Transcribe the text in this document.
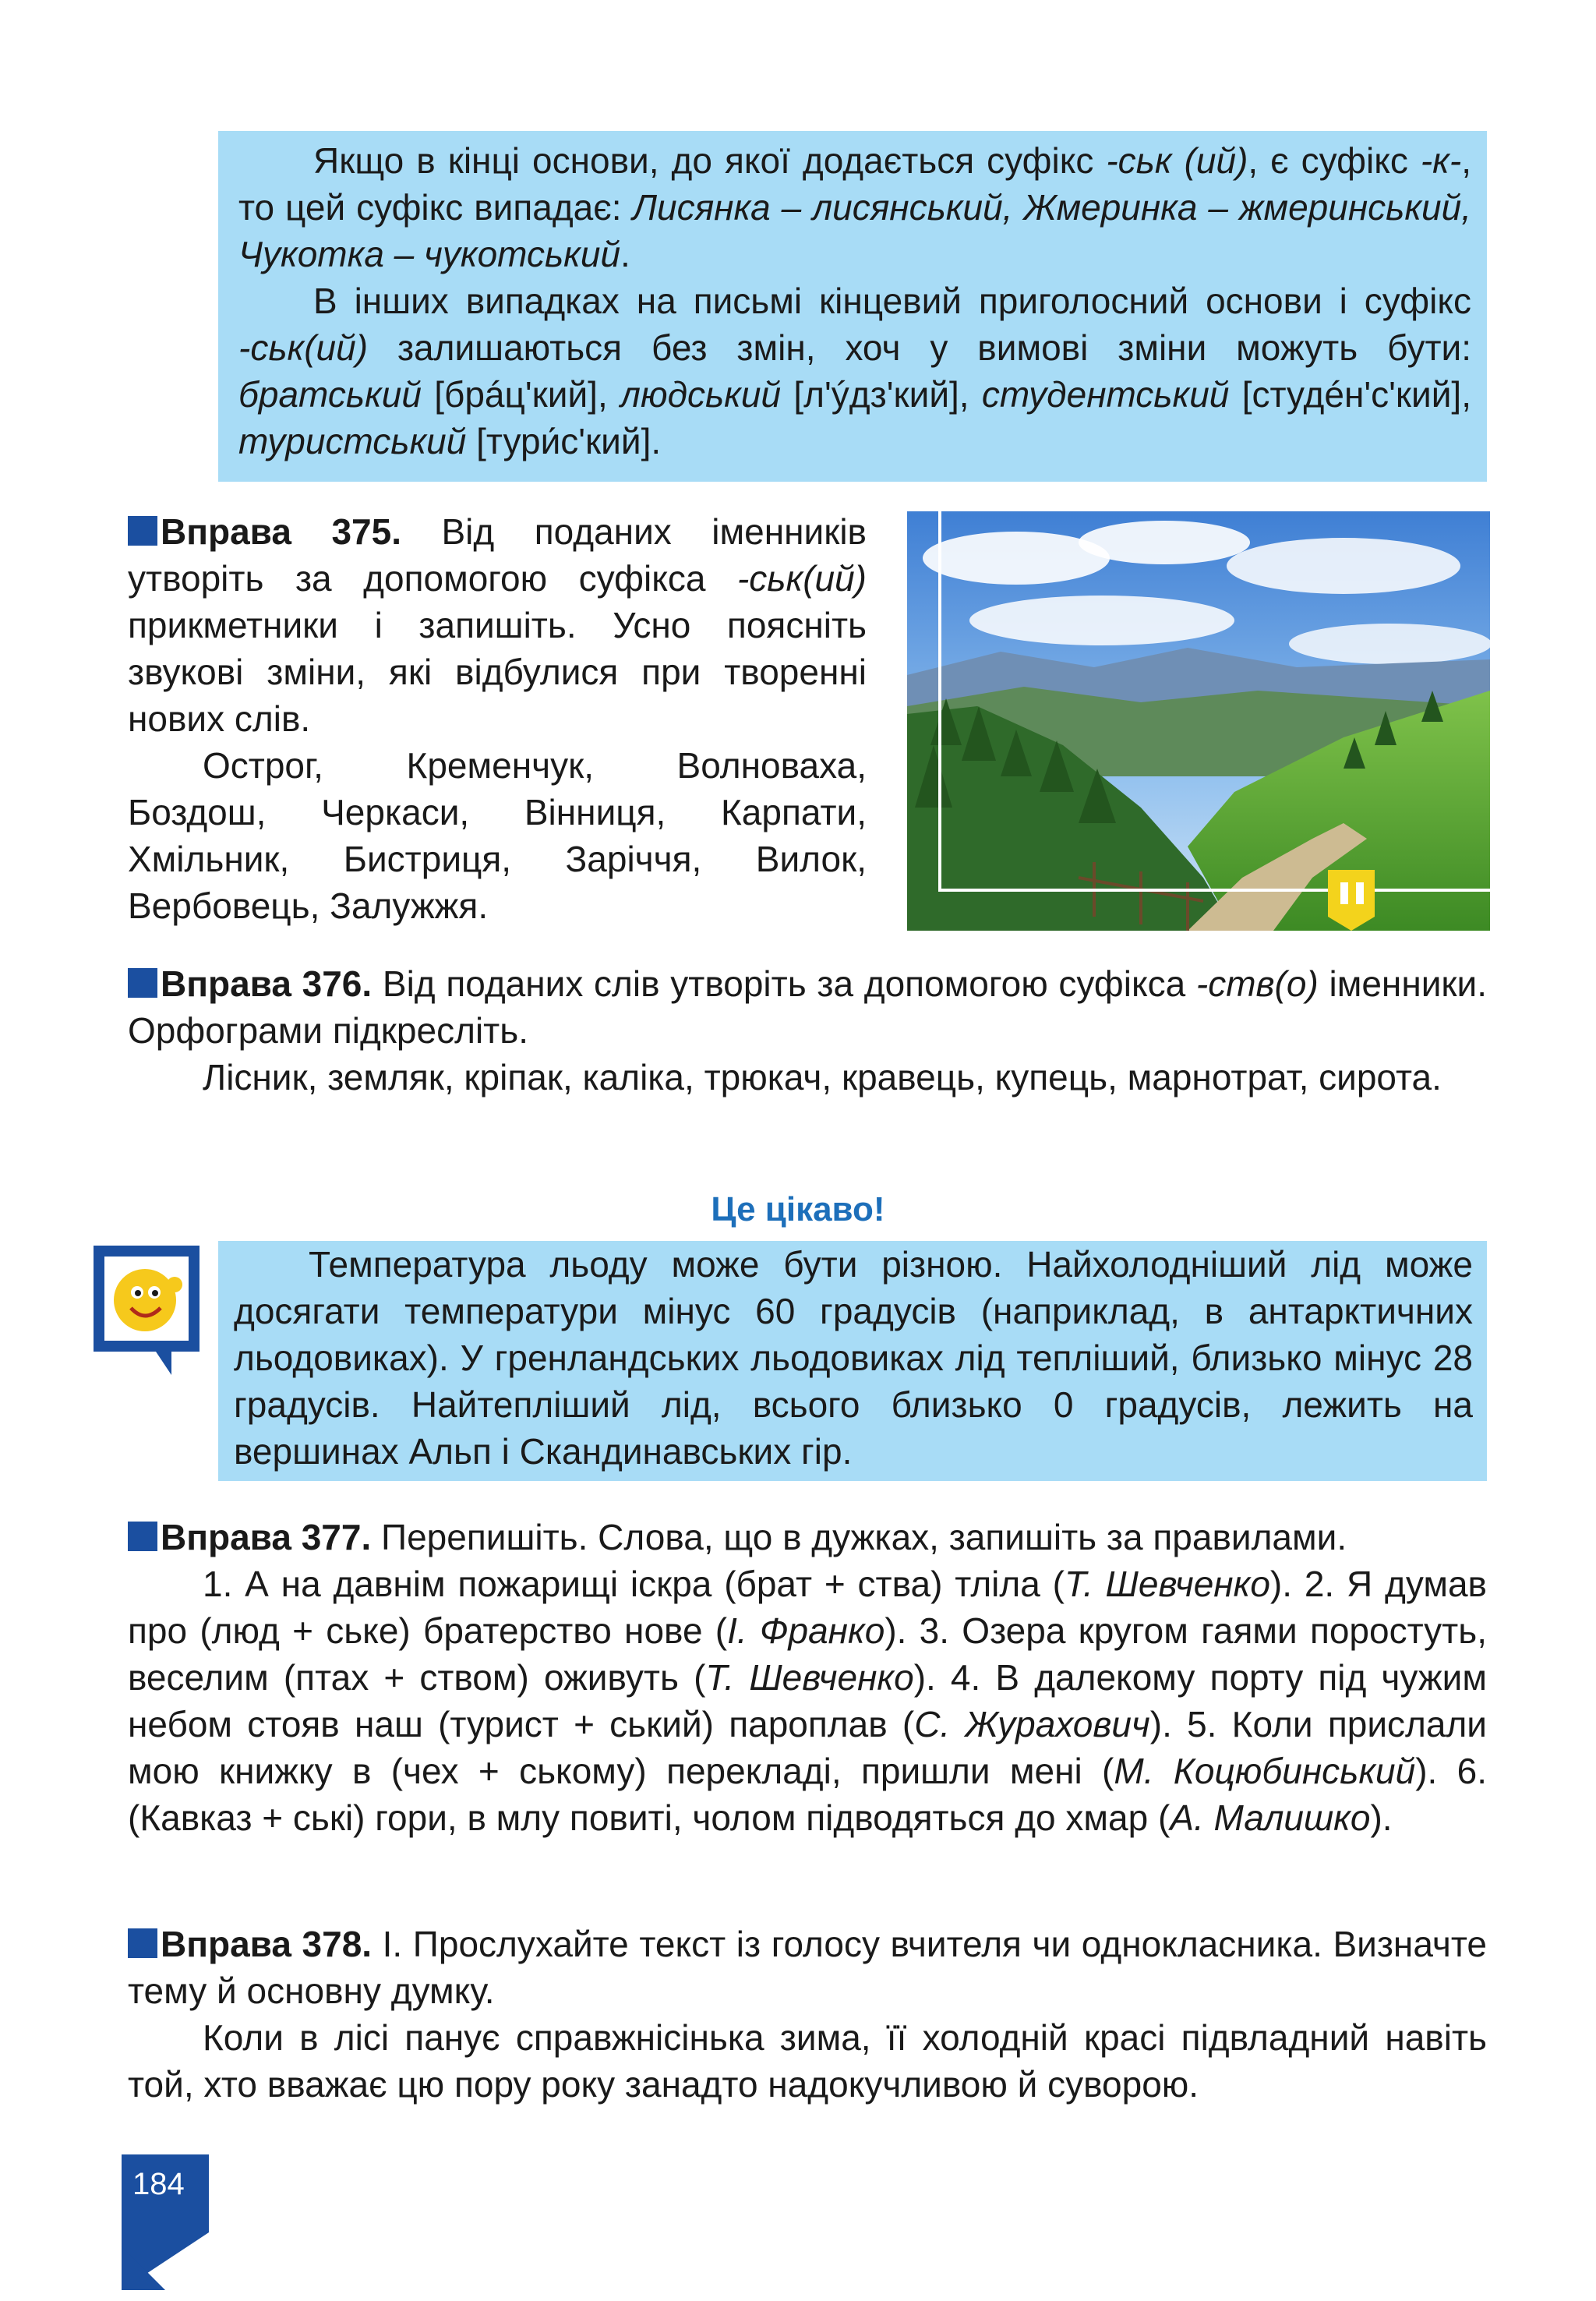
Якщо в кінці основи, до якої додається суфікс -ськ (ий), є суфікс -к-, то цей суфікс випадає: Лисянка – лисянський, Жмеринка – жмеринський, Чукотка – чукотський.

В інших випадках на письмі кінцевий приголосний основи і суфікс -ськ(ий) залишаються без змін, хоч у вимові зміни можуть бути: братський [брáц'кий], людський [л'ýдз'кий], студентський [студéн'с'кий], туристський [тури́с'кий].

Вправа 375. Від поданих іменників утворіть за допомогою суфікса -ськ(ий) прикметники і запишіть. Усно поясніть звукові зміни, які відбулися при творенні нових слів.

Острог, Кременчук, Волноваха, Боздош, Черкаси, Вінниця, Карпати, Хмільник, Бистриця, Заріччя, Вилок, Вербовець, Залужжя.

Вправа 376. Від поданих слів утворіть за допомогою суфікса -ств(о) іменники. Орфограми підкресліть.

Лісник, земляк, кріпак, каліка, трюкач, кравець, купець, марнотрат, сирота.

Це цікаво!

Температура льоду може бути різною. Найхолодніший лід може досягати температури мінус 60 градусів (наприклад, в антарктичних льодовиках). У гренландських льодовиках лід тепліший, близько мінус 28 градусів. Найтепліший лід, всього близько 0 градусів, лежить на вершинах Альп і Скандинавських гір.

Вправа 377. Перепишіть. Слова, що в дужках, запишіть за правилами.

1. А на давнім пожарищі іскра (брат + ства) тліла (Т. Шевченко). 2. Я думав про (люд + ське) братерство нове (І. Франко). 3. Озера кругом гаями поростуть, веселим (птах + ством) оживуть (Т. Шевченко). 4. В далекому порту під чужим небом стояв наш (турист + ський) пароплав (С. Журахович). 5. Коли прислали мою книжку в (чех + ському) перекладі, пришли мені (М. Коцюбинський). 6. (Кавказ + ські) гори, в млу повиті, чолом підводяться до хмар (А. Малишко).

Вправа 378. І. Прослухайте текст із голосу вчителя чи однокласника. Визначте тему й основну думку.

Коли в лісі панує справжнісінька зима, її холодній красі підвладний навіть той, хто вважає цю пору року занадто надокучливою й суворою.

184
